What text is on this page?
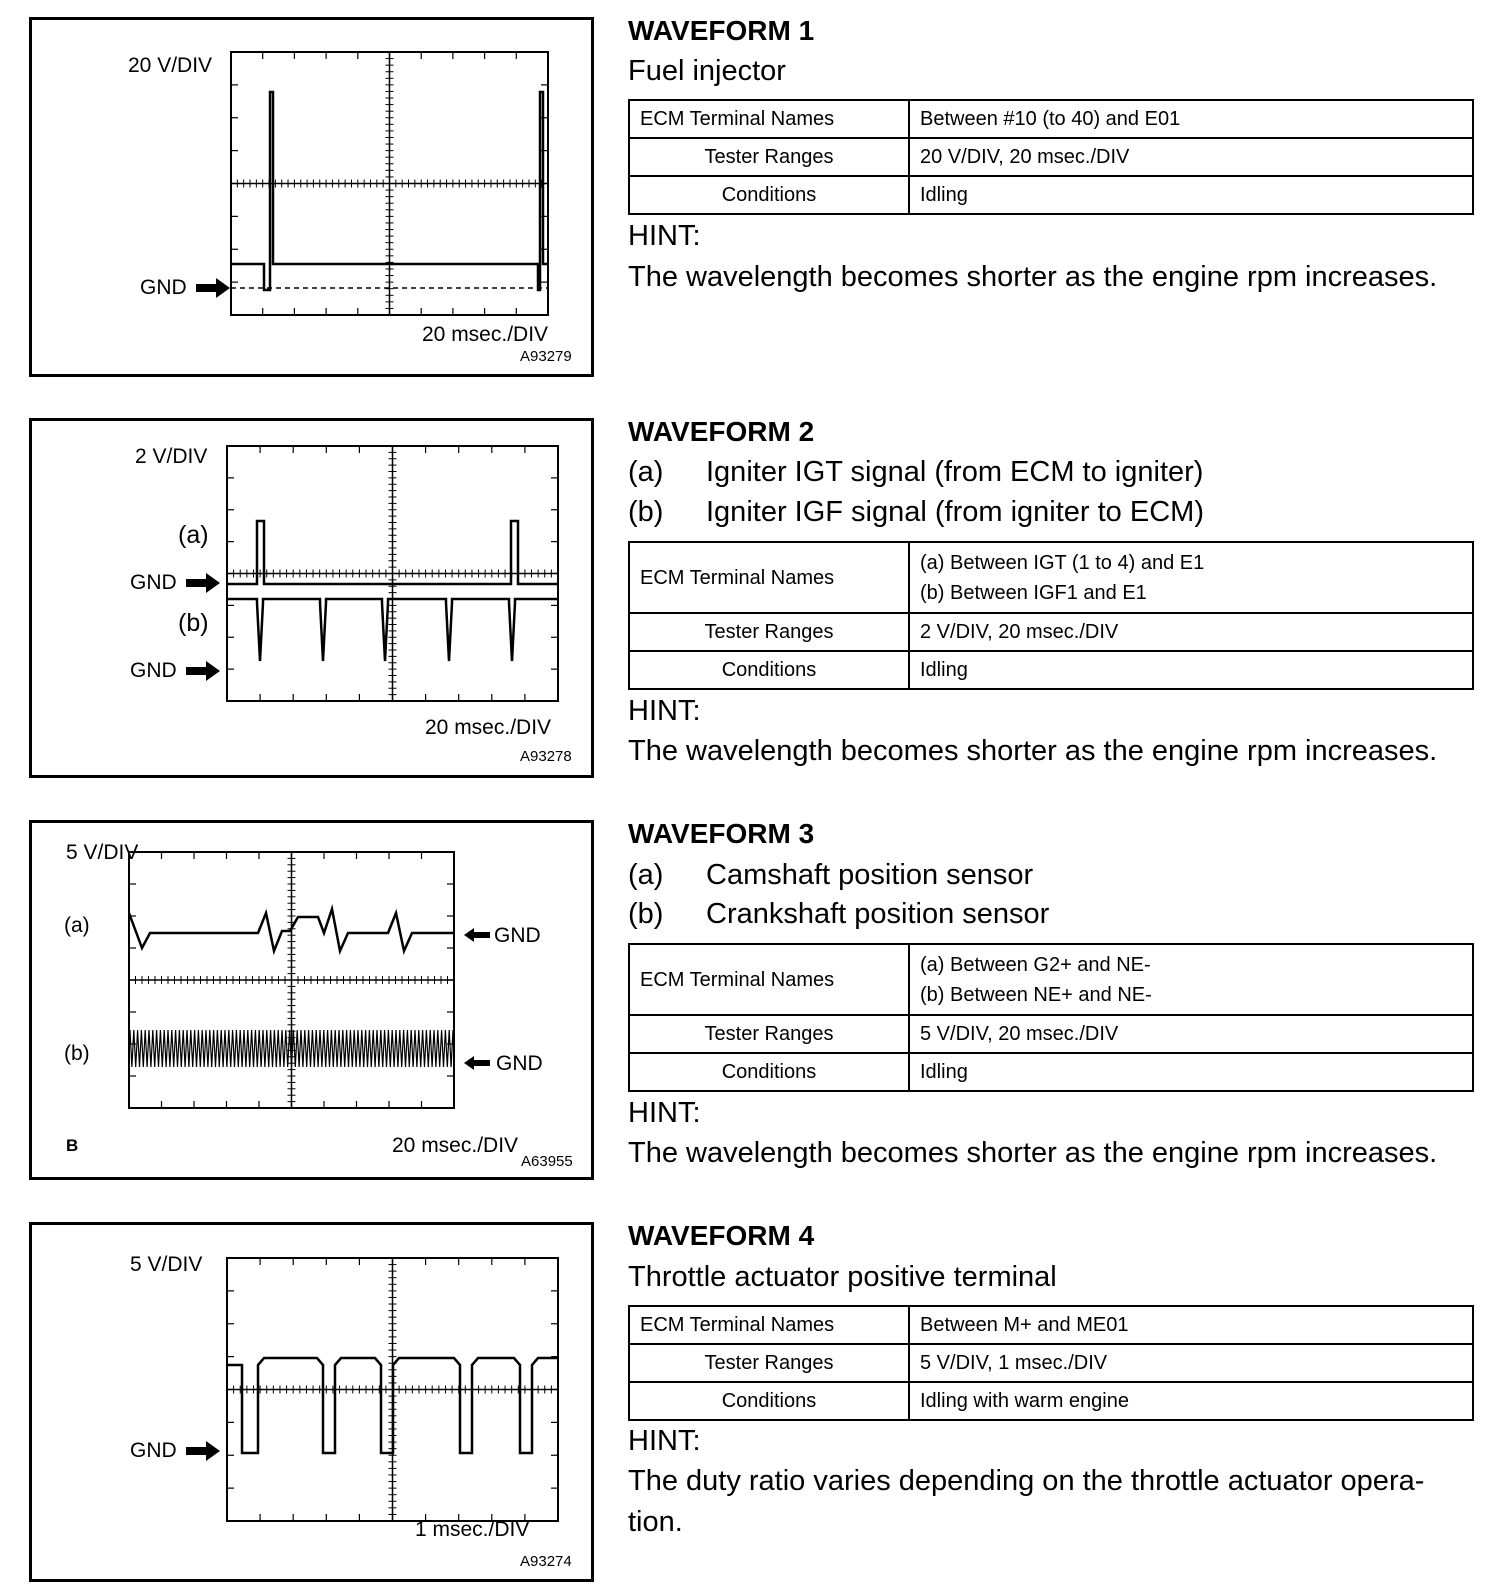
20 V/DIV
GND
20 msec./DIV
A93279
WAVEFORM 1
Fuel injector
ECM Terminal Names	Between #10 (to 40) and E01
Tester Ranges	20 V/DIV, 20 msec./DIV
Conditions	Idling
HINT:
The wavelength becomes shorter as the engine rpm increases.
2 V/DIV
(a)
GND
(b)
GND
20 msec./DIV
A93278
WAVEFORM 2
(a) Igniter IGT signal (from ECM to igniter)
(b) Igniter IGF signal (from igniter to ECM)
ECM Terminal Names	(a) Between IGT (1 to 4) and E1
(b) Between IGF1 and E1

Tester Ranges	2 V/DIV, 20 msec./DIV
Conditions	Idling
HINT:
The wavelength becomes shorter as the engine rpm increases.
5 V/DIV
(a)
(b)
GND
GND
B	20 msec./DIV
A63955
WAVEFORM 3
(a) Camshaft position sensor
(b) Crankshaft position sensor
ECM Terminal Names	(a) Between G2+ and NE-
(b) Between NE+ and NE-

Tester Ranges	5 V/DIV, 20 msec./DIV
Conditions	Idling
HINT:
The wavelength becomes shorter as the engine rpm increases.
5 V/DIV
GND
1 msec./DIV
A93274
WAVEFORM 4
Throttle actuator positive terminal
ECM Terminal Names	Between M+ and ME01
Tester Ranges	5 V/DIV, 1 msec./DIV
Conditions	Idling with warm engine
HINT:
The duty ratio varies depending on the throttle actuator opera-tion.
